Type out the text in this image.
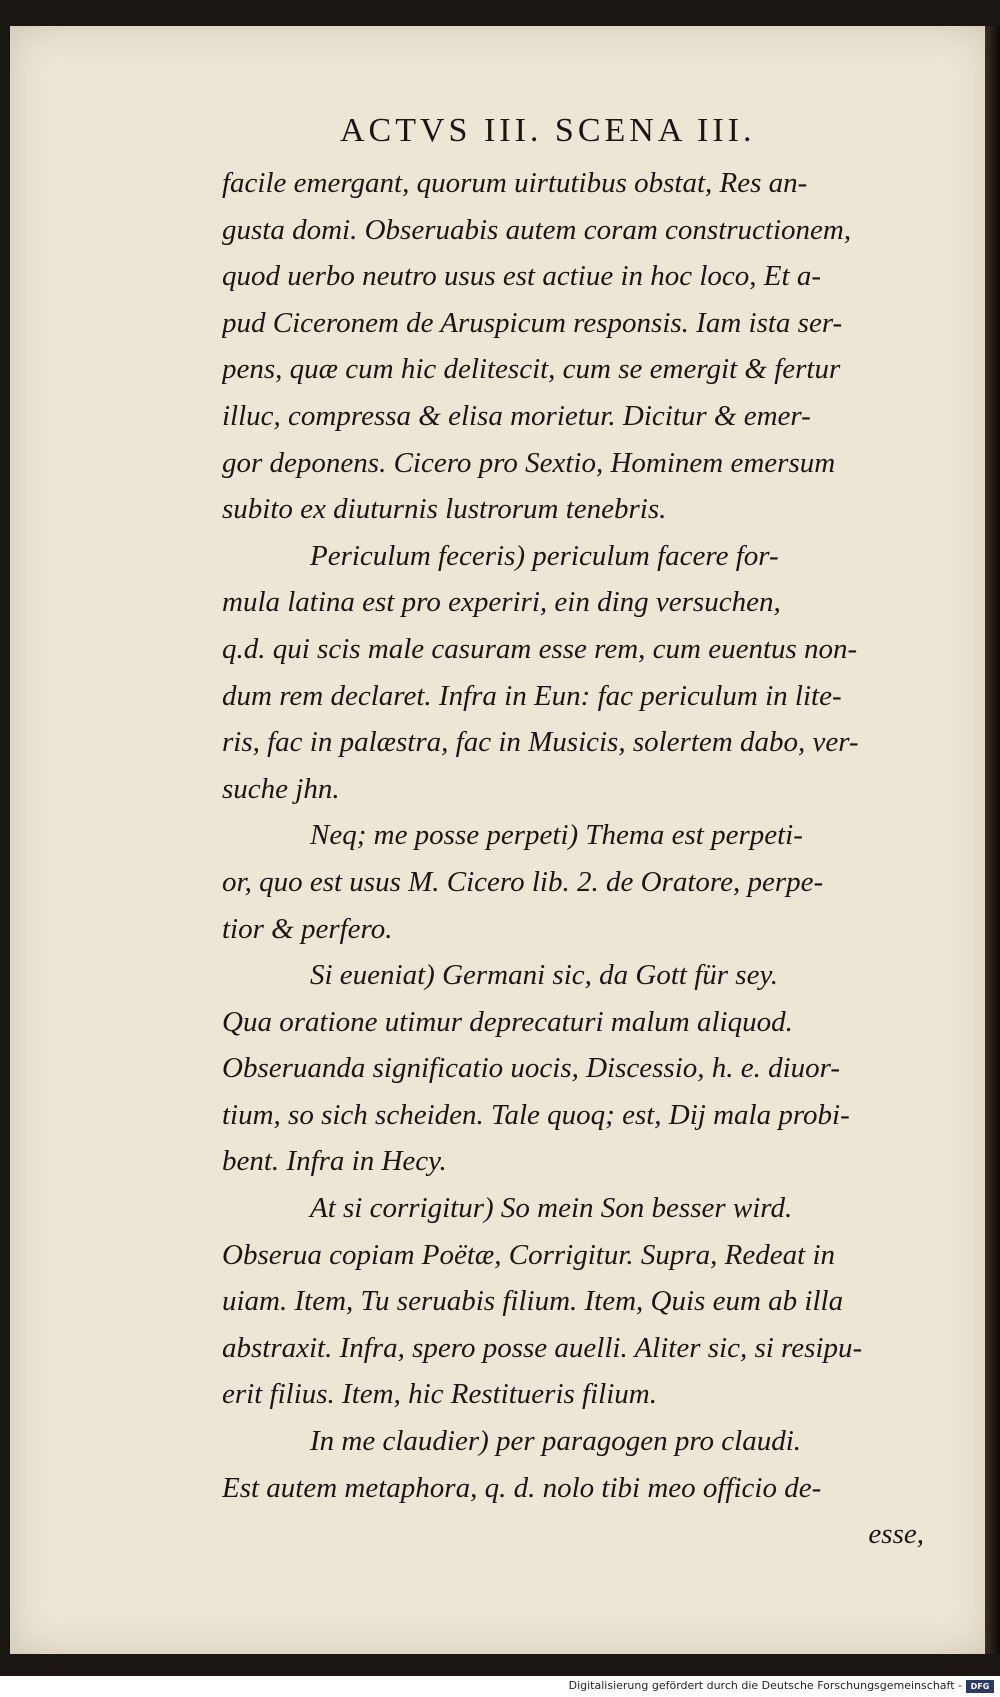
ACTVS III. SCENA III.
facile emergant, quorum uirtutibus obstat, Res an-
gusta domi. Obseruabis autem coram constructionem,
quod uerbo neutro usus est actiue in hoc loco, Et a-
pud Ciceronem de Aruspicum responsis. Iam ista ser-
pens, quæ cum hic delitescit, cum se emergit & fertur
illuc, compressa & elisa morietur. Dicitur & emer-
gor deponens. Cicero pro Sextio, Hominem emersum
subito ex diuturnis lustrorum tenebris.
Periculum feceris) periculum facere for-
mula latina est pro experiri, ein ding versuchen,
q.d. qui scis male casuram esse rem, cum euentus non-
dum rem declaret. Infra in Eun: fac periculum in lite-
ris, fac in palæstra, fac in Musicis, solertem dabo, ver-
suche jhn.
Neq; me posse perpeti) Thema est perpeti-
or, quo est usus M. Cicero lib. 2. de Oratore, perpe-
tior & perfero.
Si eueniat) Germani sic, da Gott für sey.
Qua oratione utimur deprecaturi malum aliquod.
Obseruanda significatio uocis, Discessio, h. e. diuor-
tium, so sich scheiden. Tale quoq; est, Dij mala probi-
bent. Infra in Hecy.
At si corrigitur) So mein Son besser wird.
Obserua copiam Poëtæ, Corrigitur. Supra, Redeat in
uiam. Item, Tu seruabis filium. Item, Quis eum ab illa
abstraxit. Infra, spero posse auelli. Aliter sic, si resipu-
erit filius. Item, hic Restitueris filium.
In me claudier) per paragogen pro claudi.
Est autem metaphora, q. d. nolo tibi meo officio de-
esse,
Digitalisierung gefördert durch die Deutsche Forschungsgemeinschaft -	DFG
